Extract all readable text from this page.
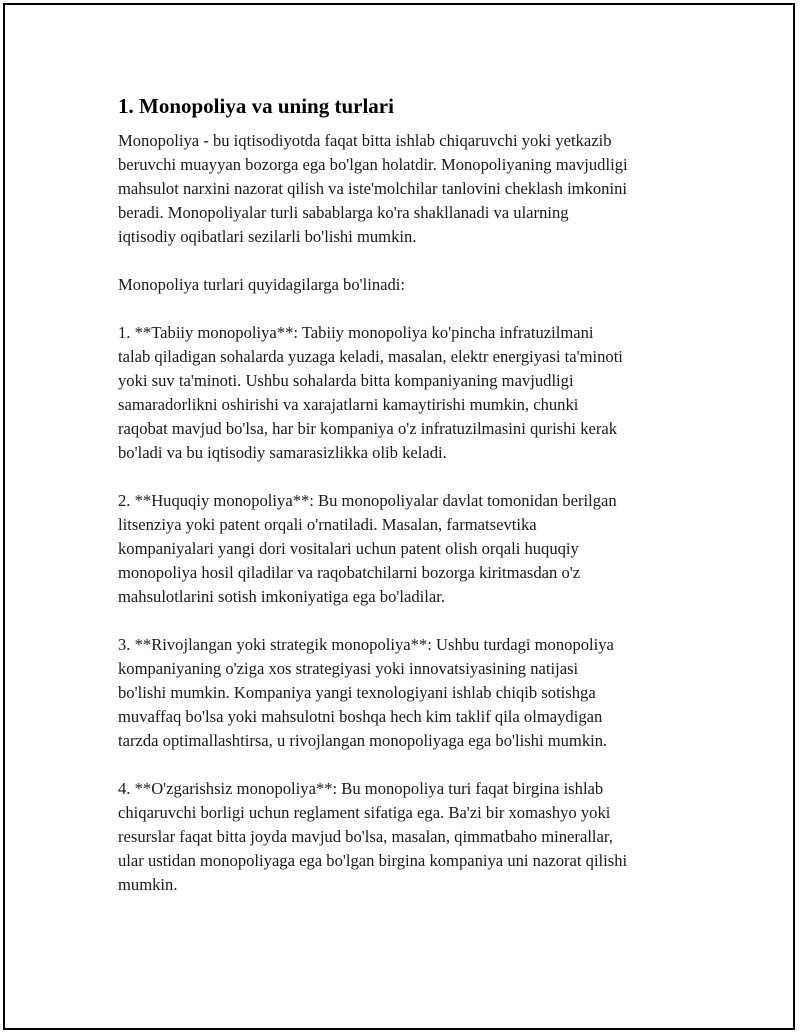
1. Monopoliya va uning turlari

Monopoliya - bu iqtisodiyotda faqat bitta ishlab chiqaruvchi yoki yetkazib
beruvchi muayyan bozorga ega bo'lgan holatdir. Monopoliyaning mavjudligi
mahsulot narxini nazorat qilish va iste'molchilar tanlovini cheklash imkonini
beradi. Monopoliyalar turli sabablarga ko'ra shakllanadi va ularning
iqtisodiy oqibatlari sezilarli bo'lishi mumkin.

Monopoliya turlari quyidagilarga bo'linadi:

1. **Tabiiy monopoliya**: Tabiiy monopoliya ko'pincha infratuzilmani
talab qiladigan sohalarda yuzaga keladi, masalan, elektr energiyasi ta'minoti
yoki suv ta'minoti. Ushbu sohalarda bitta kompaniyaning mavjudligi
samaradorlikni oshirishi va xarajatlarni kamaytirishi mumkin, chunki
raqobat mavjud bo'lsa, har bir kompaniya o'z infratuzilmasini qurishi kerak
bo'ladi va bu iqtisodiy samarasizlikka olib keladi.

2. **Huquqiy monopoliya**: Bu monopoliyalar davlat tomonidan berilgan
litsenziya yoki patent orqali o'rnatiladi. Masalan, farmatsevtika
kompaniyalari yangi dori vositalari uchun patent olish orqali huquqiy
monopoliya hosil qiladilar va raqobatchilarni bozorga kiritmasdan o'z
mahsulotlarini sotish imkoniyatiga ega bo'ladilar.

3. **Rivojlangan yoki strategik monopoliya**: Ushbu turdagi monopoliya
kompaniyaning o'ziga xos strategiyasi yoki innovatsiyasining natijasi
bo'lishi mumkin. Kompaniya yangi texnologiyani ishlab chiqib sotishga
muvaffaq bo'lsa yoki mahsulotni boshqa hech kim taklif qila olmaydigan
tarzda optimallashtirsa, u rivojlangan monopoliyaga ega bo'lishi mumkin.

4. **O'zgarishsiz monopoliya**: Bu monopoliya turi faqat birgina ishlab
chiqaruvchi borligi uchun reglament sifatiga ega. Ba'zi bir xomashyo yoki
resurslar faqat bitta joyda mavjud bo'lsa, masalan, qimmatbaho minerallar,
ular ustidan monopoliyaga ega bo'lgan birgina kompaniya uni nazorat qilishi
mumkin.
